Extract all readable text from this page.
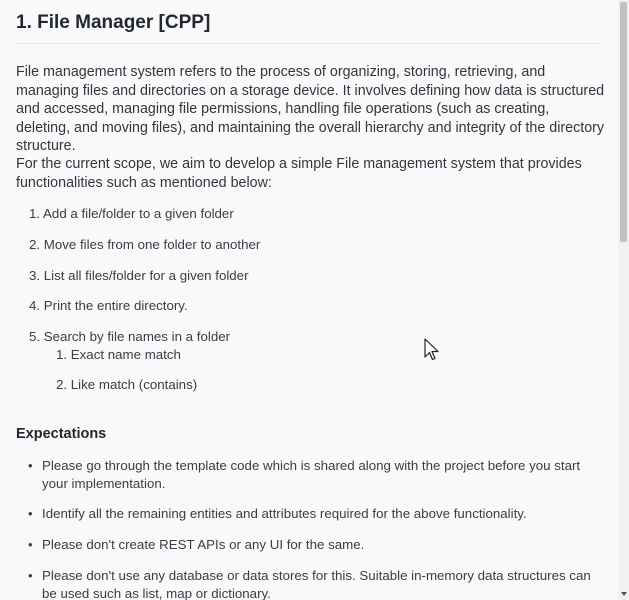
1. File Manager [CPP]

File management system refers to the process of organizing, storing, retrieving, and managing files and directories on a storage device. It involves defining how data is structured and accessed, managing file permissions, handling file operations (such as creating, deleting, and moving files), and maintaining the overall hierarchy and integrity of the directory structure.

For the current scope, we aim to develop a simple File management system that provides functionalities such as mentioned below:

1. Add a file/folder to a given folder
2. Move files from one folder to another
3. List all files/folder for a given folder
4. Print the entire directory.
5. Search by file names in a folder
1. Exact name match
2. Like match (contains)
Expectations
• Please go through the template code which is shared along with the project before you start your implementation.

• Identify all the remaining entities and attributes required for the above functionality.

• Please don't create REST APIs or any UI for the same.

• Please don't use any database or data stores for this. Suitable in-memory data structures can be used such as list, map or dictionary.
